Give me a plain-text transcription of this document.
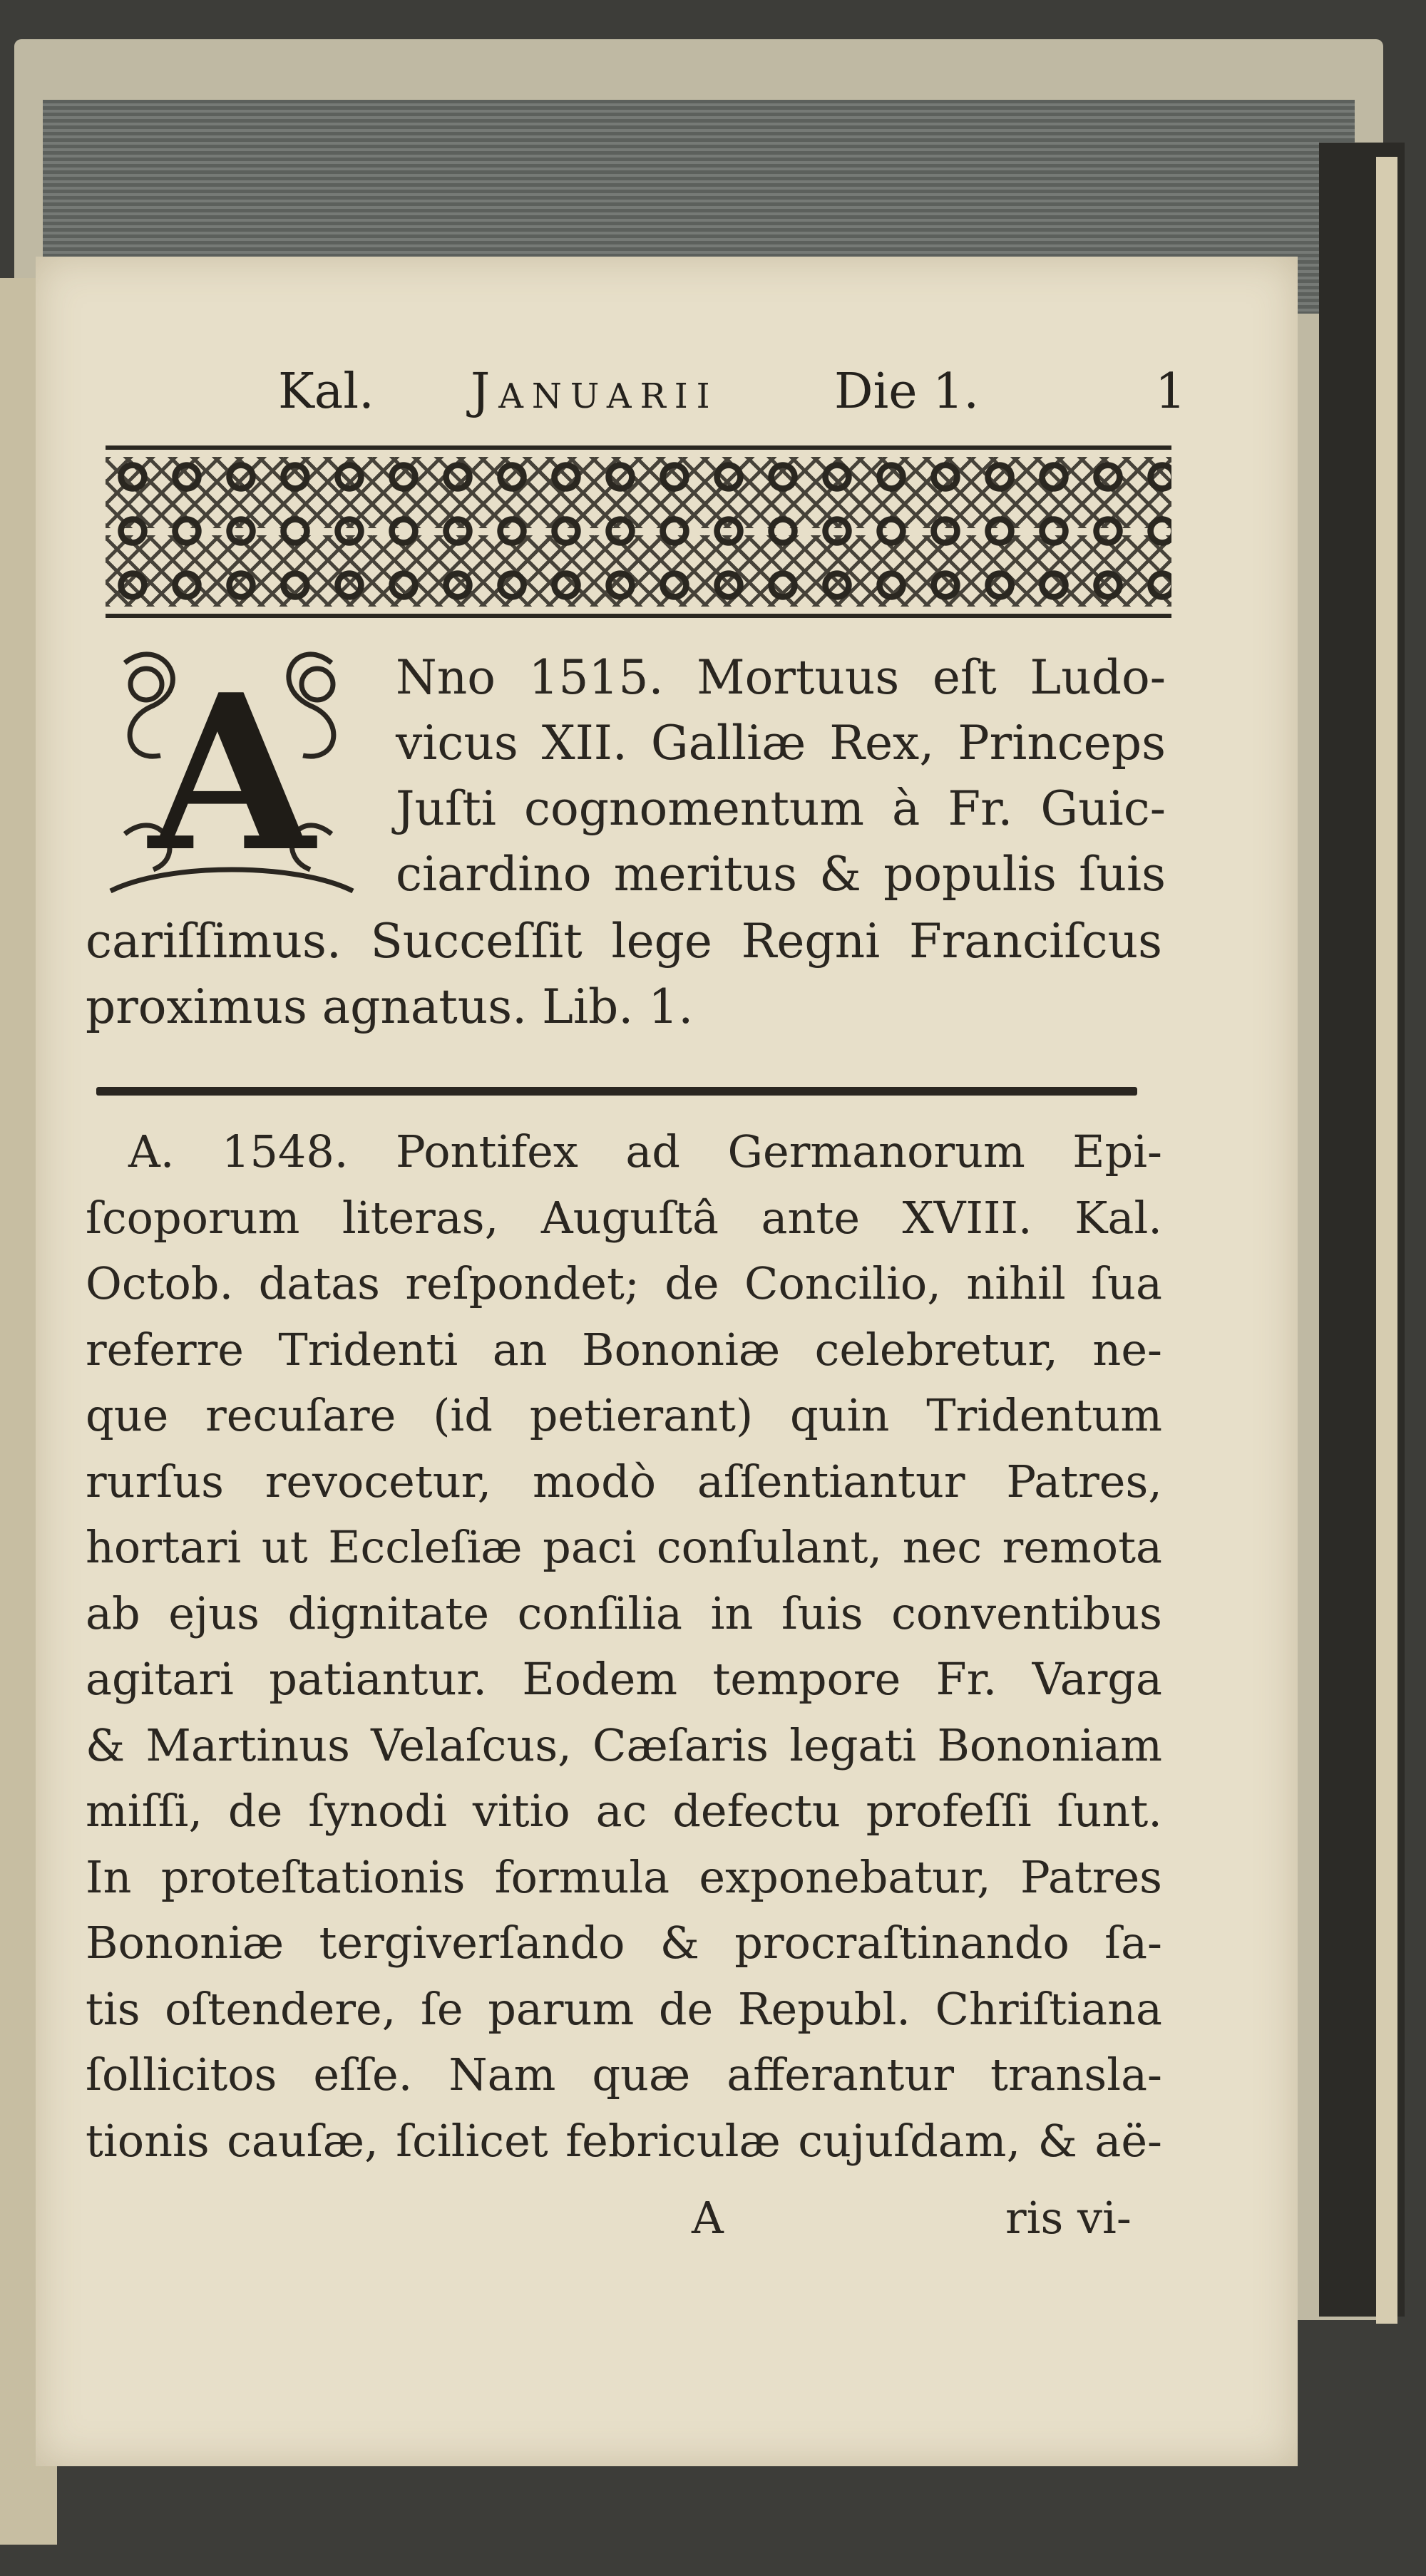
Kal. Januarii Die 1.	1
A Nno 1515. Mortuus eſt Ludo-
vicus XII. Galliæ Rex, Princeps
Juſti cognomentum à Fr. Guic-
ciardino meritus & populis ſuis
cariſſimus. Succeſſit lege Regni Franciſcus
proximus agnatus. Lib. 1.
A. 1548. Pontifex ad Germanorum Epi-
ſcoporum literas, Auguſtâ ante XVIII. Kal.
Octob. datas reſpondet; de Concilio, nihil ſua
referre Tridenti an Bononiæ celebretur, ne-
que recuſare (id petierant) quin Tridentum
rurſus revocetur, modò aſſentiantur Patres,
hortari ut Eccleſiæ paci conſulant, nec remota
ab ejus dignitate conſilia in ſuis conventibus
agitari patiantur. Eodem tempore Fr. Varga
& Martinus Velaſcus, Cæſaris legati Bononiam
miſſi, de ſynodi vitio ac defectu profeſſi ſunt.
In proteſtationis formula exponebatur, Patres
Bononiæ tergiverſando & procraſtinando ſa-
tis oſtendere, ſe parum de Republ. Chriſtiana
ſollicitos eſſe. Nam quæ afferantur transla-
tionis cauſæ, ſcilicet febriculæ cujuſdam, & aë-
A	ris vi-
